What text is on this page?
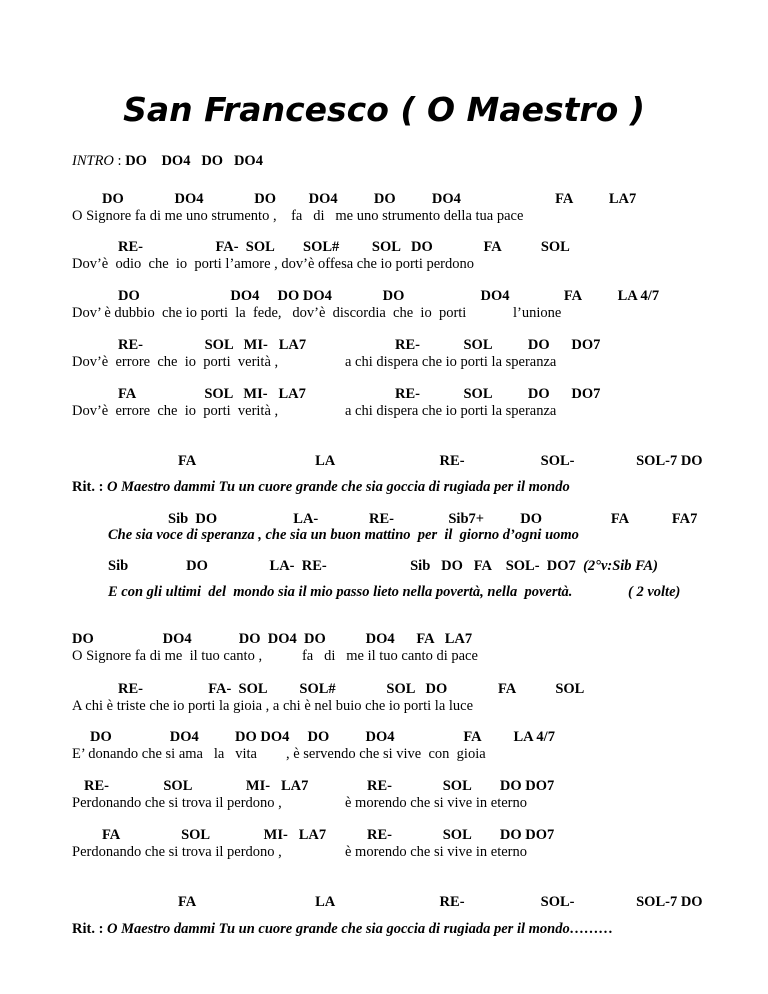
San Francesco ( O Maestro )
INTRO : DO    DO4   DO   DO4
DO              DO4              DO         DO4          DO          DO4                          FA          LA7
O Signore fa di me uno strumento ,    fa   di   me uno strumento della tua pace
RE-                    FA-  SOL        SOL#         SOL   DO              FA           SOL
Dov’è  odio  che  io  porti l’amore , dov’è offesa che io porti perdono
DO                         DO4     DO DO4              DO                     DO4               FA          LA 4/7
Dov’ è dubbio  che io porti  la  fede,   dov’è  discordia  che  io  porti	l’unione
RE-                 SOL   MI-   LA7
Dov’è  errore  che  io  porti  verità ,
RE-            SOL          DO      DO7
a chi dispera che io porti la speranza
FA                   SOL   MI-   LA7
Dov’è  errore  che  io  porti  verità ,
RE-            SOL          DO      DO7
a chi dispera che io porti la speranza
FA                                 LA                             RE-                     SOL-                 SOL-7 DO
Rit. : O Maestro dammi Tu un cuore grande che sia goccia di rugiada per il mondo
Sib  DO                     LA-              RE-               Sib7+          DO                   FA            FA7
Che sia voce di speranza , che sia un buon mattino  per  il  giorno d’ogni uomo
Sib                DO                 LA-  RE-                       Sib   DO   FA    SOL-  DO7 (2°v:Sib FA)
E con gli ultimi  del  mondo sia il mio passo lieto nella povertà, nella  povertà.	( 2 volte)
DO                   DO4             DO  DO4  DO           DO4      FA   LA7
O Signore fa di me  il tuo canto ,           fa   di   me il tuo canto di pace
RE-                  FA-  SOL         SOL#              SOL   DO              FA           SOL
A chi è triste che io porti la gioia , a chi è nel buio che io porti la luce
DO                DO4          DO DO4     DO          DO4                   FA         LA 4/7
E’ donando che si ama   la   vita        , è servendo che si vive  con  gioia
RE-               SOL               MI-   LA7
Perdonando che si trova il perdono ,
RE-              SOL        DO DO7
è morendo che si vive in eterno
FA                 SOL               MI-   LA7
Perdonando che si trova il perdono ,
RE-              SOL        DO DO7
è morendo che si vive in eterno
FA                                 LA                             RE-                     SOL-                 SOL-7 DO
Rit. : O Maestro dammi Tu un cuore grande che sia goccia di rugiada per il mondo………
